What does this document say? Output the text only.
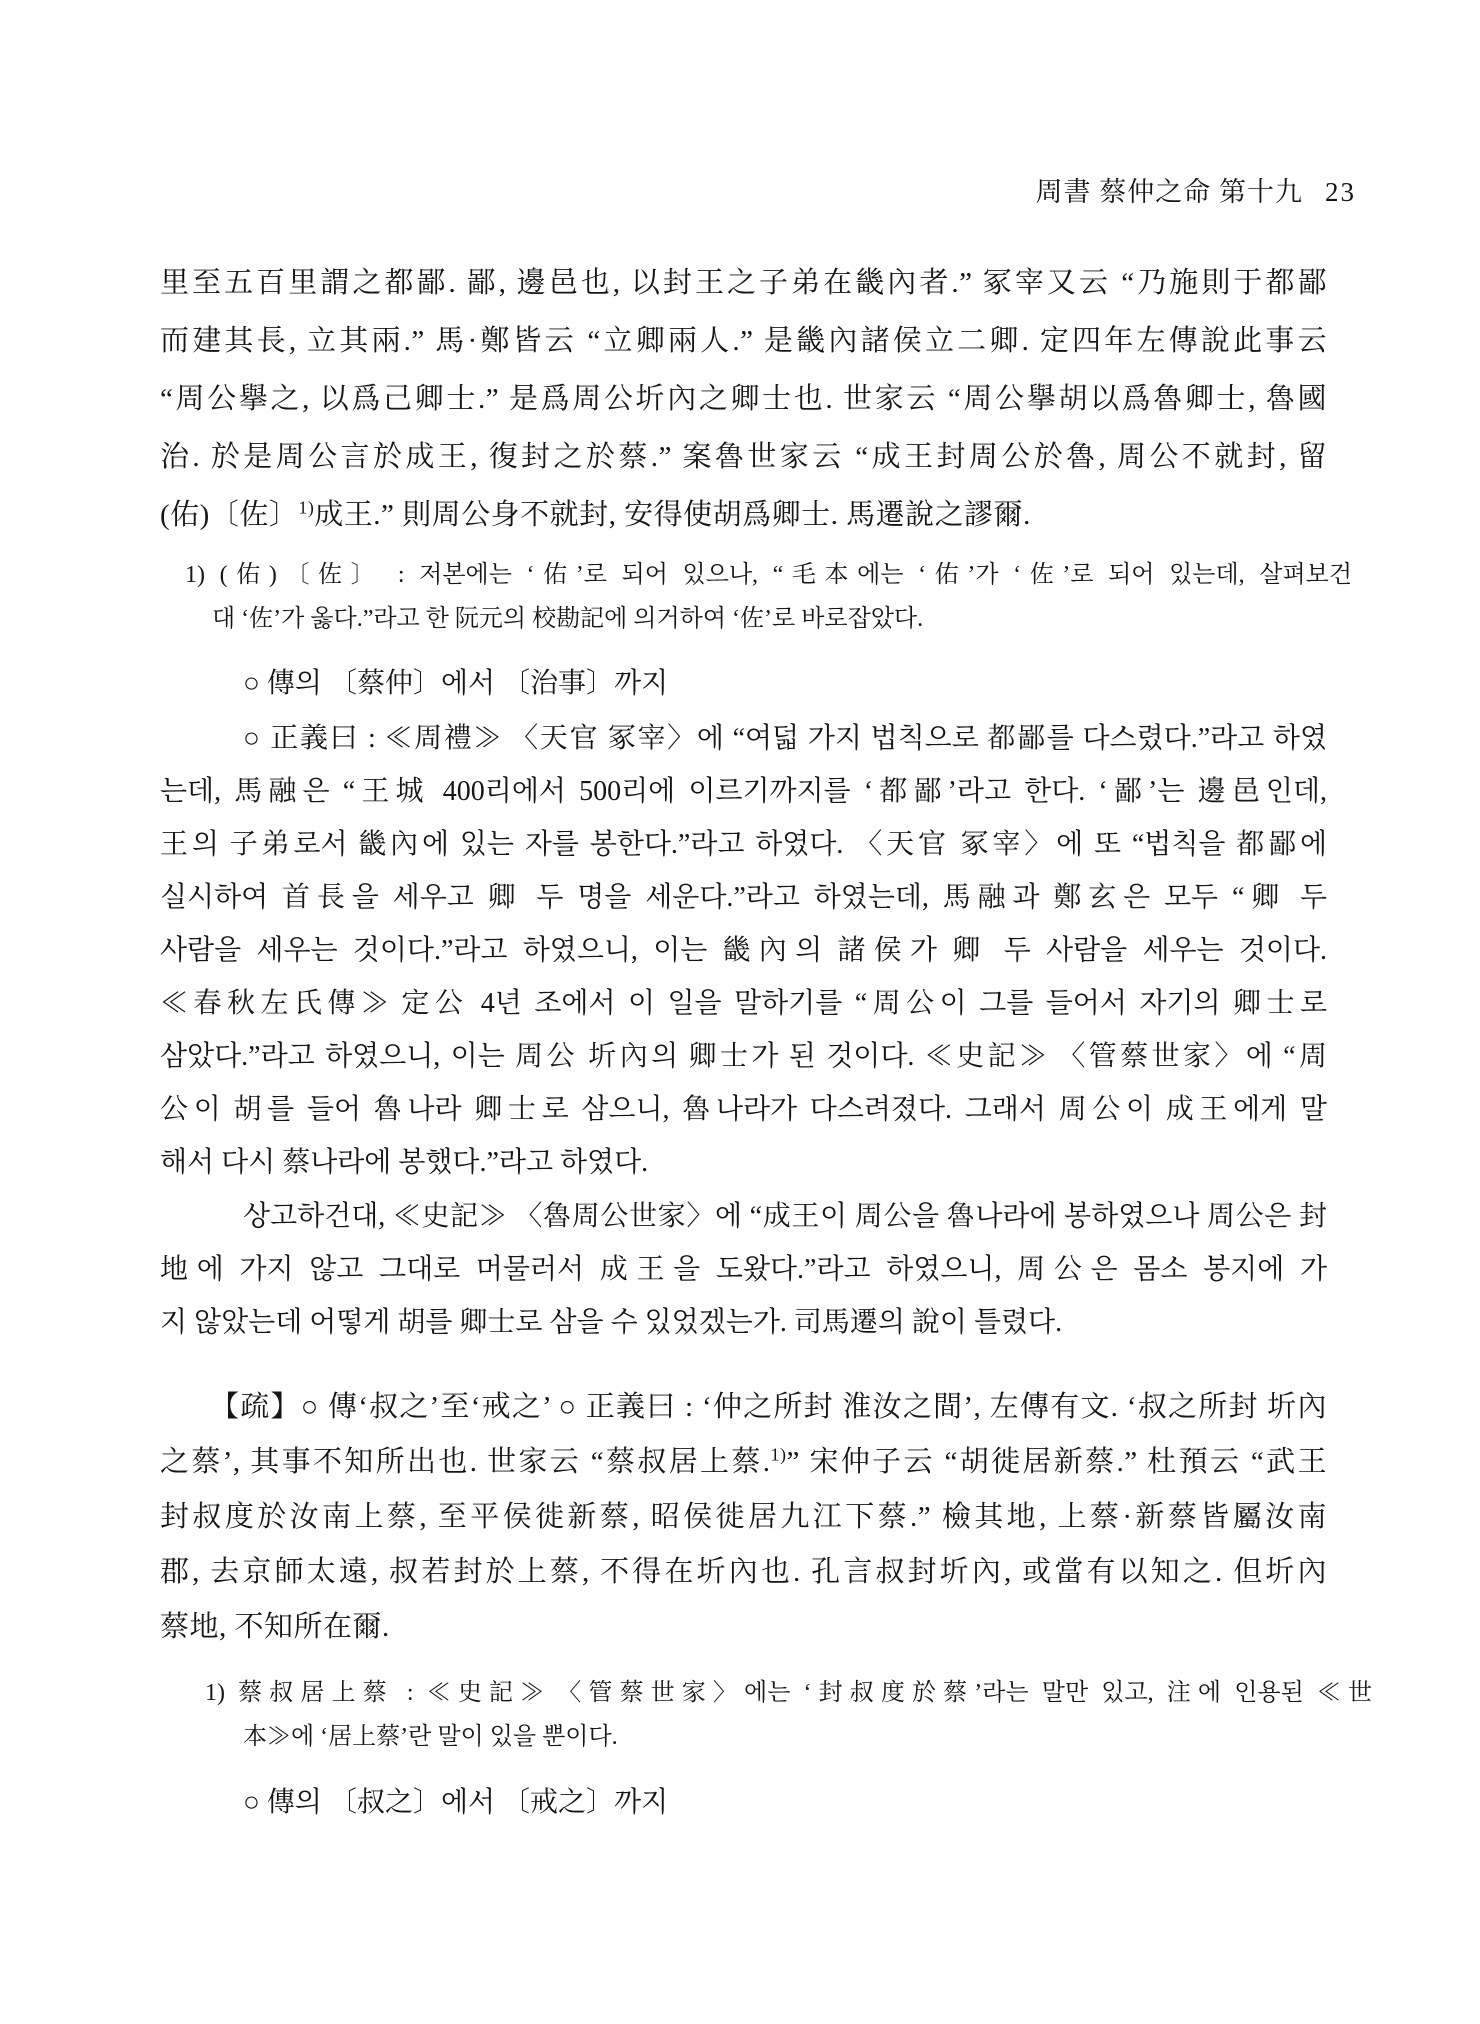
周書 蔡仲之命 第十九 23
里至五百里謂之都鄙. 鄙, 邊邑也, 以封王之子弟在畿內者.” 冢宰又云 “乃施則于都鄙
而建其長, 立其兩.” 馬·鄭皆云 “立卿兩人.” 是畿內諸侯立二卿. 定四年左傳說此事云
“周公擧之, 以爲己卿士.” 是爲周公圻內之卿士也. 世家云 “周公擧胡以爲魯卿士, 魯國
治. 於是周公言於成王, 復封之於蔡.” 案魯世家云 “成王封周公於魯, 周公不就封, 留
(佑)〔佐〕$^{1)}$成王.” 則周公身不就封, 安得使胡爲卿士. 馬遷說之謬爾.
1) (佑)〔佐〕 : 저본에는 ‘佑’로 되어 있으나, “毛本에는 ‘佑’가 ‘佐’로 되어 있는데, 살펴보건
대 ‘佐’가 옳다.”라고 한 阮元의 校勘記에 의거하여 ‘佐’로 바로잡았다.
○ 傳의 〔蔡仲〕에서 〔治事〕까지
○ 正義曰 : ≪周禮≫ 〈天官 冢宰〉에 “여덟 가지 법칙으로 都鄙를 다스렸다.”라고 하였
는데, 馬融은 “王城 400리에서 500리에 이르기까지를 ‘都鄙’라고 한다. ‘鄙’는 邊邑인데,
王의 子弟로서 畿內에 있는 자를 봉한다.”라고 하였다. 〈天官 冢宰〉에 또 “법칙을 都鄙에
실시하여 首長을 세우고 卿 두 명을 세운다.”라고 하였는데, 馬融과 鄭玄은 모두 “卿 두
사람을 세우는 것이다.”라고 하였으니, 이는 畿內의 諸侯가 卿 두 사람을 세우는 것이다.
≪春秋左氏傳≫ 定公 4년 조에서 이 일을 말하기를 “周公이 그를 들어서 자기의 卿士로
삼았다.”라고 하였으니, 이는 周公 圻內의 卿士가 된 것이다. ≪史記≫ 〈管蔡世家〉에 “周
公이 胡를 들어 魯나라 卿士로 삼으니, 魯나라가 다스려졌다. 그래서 周公이 成王에게 말
해서 다시 蔡나라에 봉했다.”라고 하였다.
상고하건대, ≪史記≫ 〈魯周公世家〉에 “成王이 周公을 魯나라에 봉하였으나 周公은 封
地에 가지 않고 그대로 머물러서 成王을 도왔다.”라고 하였으니, 周公은 몸소 봉지에 가
지 않았는데 어떻게 胡를 卿士로 삼을 수 있었겠는가. 司馬遷의 說이 틀렸다.
【疏】○ 傳‘叔之’至‘戒之’ ○ 正義曰 : ‘仲之所封 淮汝之間’, 左傳有文. ‘叔之所封 圻內
之蔡’, 其事不知所出也. 世家云 “蔡叔居上蔡.$^{1)}$” 宋仲子云 “胡徙居新蔡.” 杜預云 “武王
封叔度於汝南上蔡, 至平侯徙新蔡, 昭侯徙居九江下蔡.” 檢其地, 上蔡·新蔡皆屬汝南
郡, 去京師太遠, 叔若封於上蔡, 不得在圻內也. 孔言叔封圻內, 或當有以知之. 但圻內
蔡地, 不知所在爾.
1) 蔡叔居上蔡 : ≪史記≫ 〈管蔡世家〉에는 ‘封叔度於蔡’라는 말만 있고, 注에 인용된 ≪世
本≫에 ‘居上蔡’란 말이 있을 뿐이다.
○ 傳의 〔叔之〕에서 〔戒之〕까지
